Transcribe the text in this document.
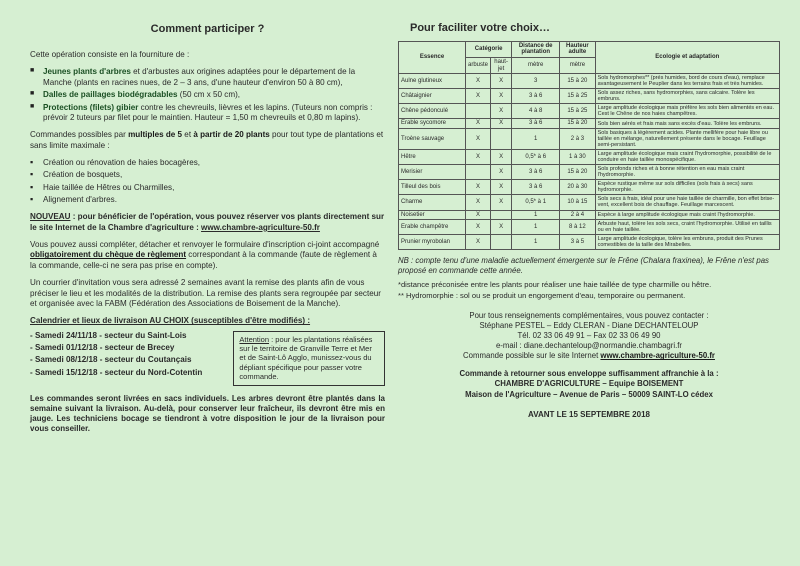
Comment participer ?

Cette opération consiste en la fourniture de :

■ Jeunes plants d'arbres et d'arbustes aux origines adaptées pour le département de la Manche (plants en racines nues, de 2 – 3 ans, d'une hauteur d'environ 50 à 80 cm),
■ Dalles de paillages biodégradables (50 cm x 50 cm),
■ Protections (filets) gibier contre les chevreuils, lièvres et les lapins. (Tuteurs non compris : prévoir 2 tuteurs par filet pour le maintien. Hauteur = 1,50 m chevreuils et 0,80 m lapins).

Commandes possibles par multiples de 5 et à partir de 20 plants pour tout type de plantations et sans limite maximale :

▪ Création ou rénovation de haies bocagères,
▪ Création de bosquets,
▪ Haie taillée de Hêtres ou Charmilles,
▪ Alignement d'arbres.

NOUVEAU : pour bénéficier de l'opération, vous pouvez réserver vos plants directement sur le site Internet de la Chambre d'agriculture : www.chambre-agriculture-50.fr

Vous pouvez aussi compléter, détacher et renvoyer le formulaire d'inscription ci-joint accompagné obligatoirement du chèque de règlement correspondant à la commande (faute de règlement à la commande, celle-ci ne sera pas prise en compte).

Un courrier d'invitation vous sera adressé 2 semaines avant la remise des plants afin de vous préciser le lieu et les modalités de la distribution. La remise des plants sera regroupée par secteur et organisée avec la FABM (Fédération des Associations de Boisement de la Manche).

Calendrier et lieux de livraison AU CHOIX (susceptibles d'être modifiés) :
- Samedi 24/11/18 - secteur du Saint-Lois
- Samedi 01/12/18 - secteur de Brecey
- Samedi 08/12/18 - secteur du Coutançais
- Samedi 15/12/18 - secteur du Nord-Cotentin
Attention : pour les plantations réalisées sur le territoire de Granville Terre et Mer et de Saint-Lô Agglo, munissez-vous du dépliant spécifique pour passer votre commande.

Les commandes seront livrées en sacs individuels. Les arbres devront être plantés dans la semaine suivant la livraison. Au-delà, pour conserver leur fraîcheur, ils devront être mis en jauge. Les techniciens bocage se tiendront à votre disposition le jour de la livraison pour vous conseiller.

Pour faciliter votre choix…
Essence	Catégorie		Distance de plantation	Hauteur adulte	Ecologie et adaptation
	arbuste	haut-jet	mètre	mètre	
Aulne glutineux	X	X	3	15 à 20	Sols hydromorphes** (prés humides, bord de cours d'eau), remplace avantageusement le Peuplier dans les terrains frais et très humides.
Châtaignier	X	X	3 à 6	15 à 25	Sols assez riches, sans hydromorphies, sans calcaire. Tolère les embruns.
Chêne pédonculé		X	4 à 8	15 à 25	Large amplitude écologique mais préfère les sols bien alimentés en eau. Cest le Chêne de nos haies champêtres.
Erable sycomore	X	X	3 à 6	15 à 20	Sols bien aérés et frais mais sans excès d'eau. Tolère les embruns.
Troène sauvage	X		1	2 à 3	Sols basiques à légèrement acides. Plante mellifère pour haie libre ou taillée en mélange, naturellement présente dans le bocage. Feuillage semi-persistant.
Hêtre	X	X	0,5* à 6	1 à 30	Large amplitude écologique mais craint l'hydromorphie, possibilité de le conduire en haie taillée monospécifique.
Merisier		X	3 à 6	15 à 20	Sols profonds riches et à bonne rétention en eau mais craint l'hydromorphie.
Tilleul des bois	X	X	3 à 6	20 à 30	Espèce rustique même sur sols difficiles (sols frais à secs) sans hydromorphie.
Charme	X	X	0,5* à 1	10 à 15	Sols secs à frais, idéal pour une haie taillée de charmille, bon effet brise-vent, excellent bois de chauffage. Feuillage marcescent.
Noisetier	X		1	2 à 4	Espèce à large amplitude écologique mais craint l'hydromorphie.
Erable champêtre	X	X	1	8 à 12	Arbuste haut, tolère les sols secs, craint l'hydromorphie. Utilisé en taillis ou en haie taillée.
Prunier myrobolan	X		1	3 à 5	Large amplitude écologique, tolère les embruns, produit des Prunes comestibles de la taille des Mirabelles.
NB : compte tenu d'une maladie actuellement émergente sur le Frêne (Chalara fraxinea), le Frêne n'est pas proposé en commande cette année.
*distance préconisée entre les plants pour réaliser une haie taillée de type charmille ou hêtre.
** Hydromorphie : sol ou se produit un engorgement d'eau, temporaire ou permanent.
Pour tous renseignements complémentaires, vous pouvez contacter :
Stéphane PESTEL – Eddy CLERAN - Diane DECHANTELOUP
Tél. 02 33 06 49 91 – Fax 02 33 06 49 90
e-mail : diane.dechanteloup@normandie.chambagri.fr
Commande possible sur le site Internet www.chambre-agriculture-50.fr
Commande à retourner sous enveloppe suffisamment affranchie à la :
CHAMBRE D'AGRICULTURE – Equipe BOISEMENT
Maison de l'Agriculture – Avenue de Paris – 50009 SAINT-LO cédex
AVANT LE 15 SEPTEMBRE 2018
